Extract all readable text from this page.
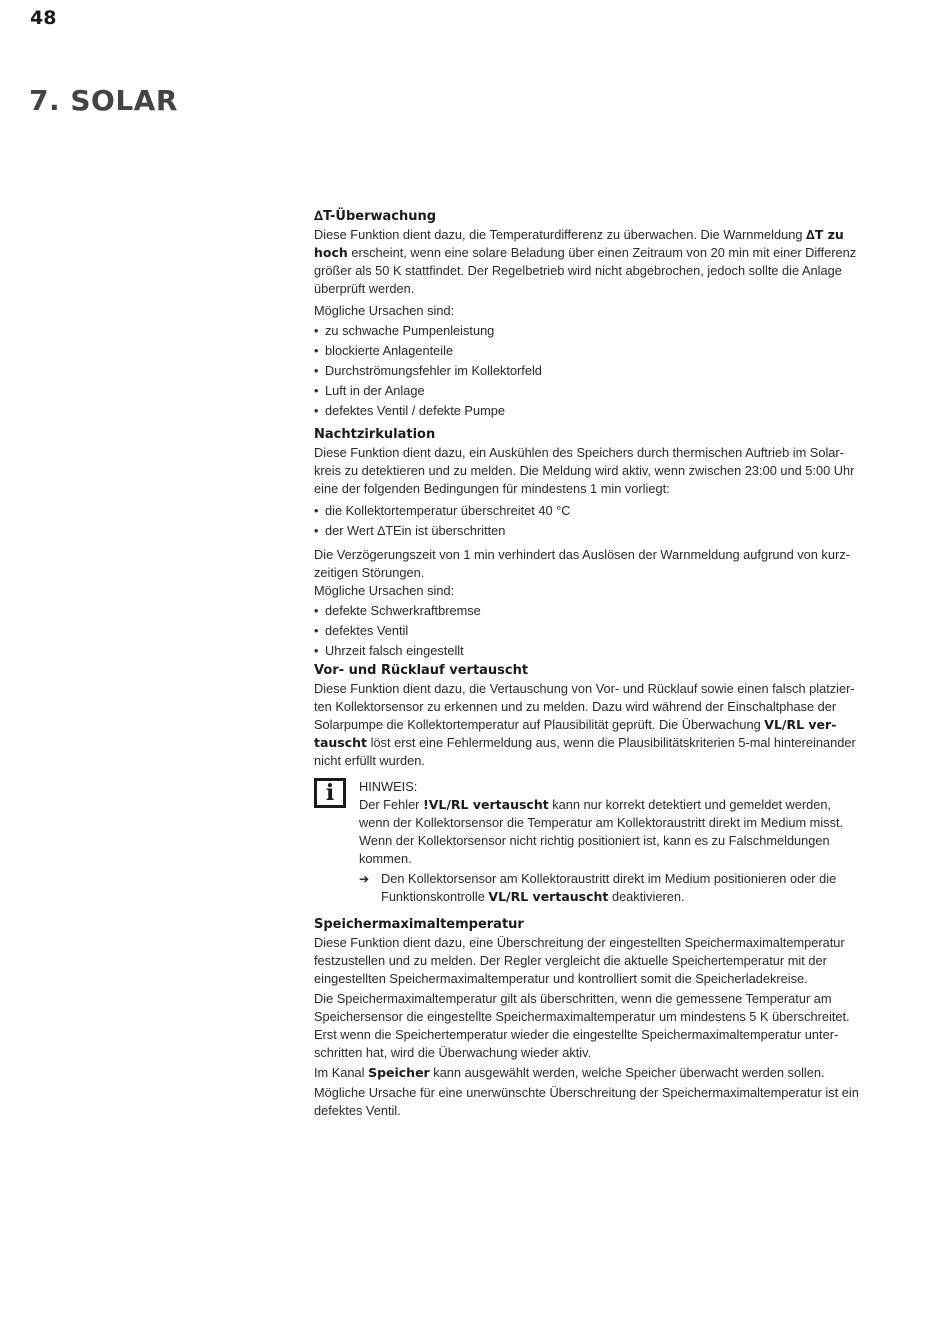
48
7. SOLAR
∆T-Überwachung

Diese Funktion dient dazu, die Temperaturdifferenz zu überwachen. Die Warnmeldung ∆T zu hoch erscheint, wenn eine solare Beladung über einen Zeitraum von 20 min mit einer Differenz größer als 50 K stattfindet. Der Regelbetrieb wird nicht abgebrochen, jedoch sollte die Anlage überprüft werden.

Mögliche Ursachen sind:

• zu schwache Pumpenleistung
• blockierte Anlagenteile
• Durchströmungsfehler im Kollektorfeld
• Luft in der Anlage
• defektes Ventil / defekte Pumpe
Nachtzirkulation

Diese Funktion dient dazu, ein Auskühlen des Speichers durch thermischen Auftrieb im Solarkreis zu detektieren und zu melden. Die Meldung wird aktiv, wenn zwischen 23:00 und 5:00 Uhr eine der folgenden Bedingungen für mindestens 1 min vorliegt:

• die Kollektortemperatur überschreitet 40 °C
• der Wert ∆TEin ist überschritten

Die Verzögerungszeit von 1 min verhindert das Auslösen der Warnmeldung aufgrund von kurzzeitigen Störungen.

Mögliche Ursachen sind:

• defekte Schwerkraftbremse
• defektes Ventil
• Uhrzeit falsch eingestellt
Vor- und Rücklauf vertauscht

Diese Funktion dient dazu, die Vertauschung von Vor- und Rücklauf sowie einen falsch platzierten Kollektorsensor zu erkennen und zu melden. Dazu wird während der Einschaltphase der Solarpumpe die Kollektortemperatur auf Plausibilität geprüft. Die Überwachung VL/RL vertauscht löst erst eine Fehlermeldung aus, wenn die Plausibilitätskriterien 5-mal hintereinander nicht erfüllt wurden.

i HINWEIS:
Der Fehler !VL/RL vertauscht kann nur korrekt detektiert und gemeldet werden, wenn der Kollektorsensor die Temperatur am Kollektoraustritt direkt im Medium misst. Wenn der Kollektorsensor nicht richtig positioniert ist, kann es zu Falschmeldungen kommen.
➔ Den Kollektorsensor am Kollektoraustritt direkt im Medium positionieren oder die Funktionskontrolle VL/RL vertauscht deaktivieren.
Speichermaximaltemperatur

Diese Funktion dient dazu, eine Überschreitung der eingestellten Speichermaximaltemperatur festzustellen und zu melden. Der Regler vergleicht die aktuelle Speichertemperatur mit der eingestellten Speichermaximaltemperatur und kontrolliert somit die Speicherladekreise.

Die Speichermaximaltemperatur gilt als überschritten, wenn die gemessene Temperatur am Speichersensor die eingestellte Speichermaximaltemperatur um mindestens 5 K überschreitet. Erst wenn die Speichertemperatur wieder die eingestellte Speichermaximaltemperatur unterschritten hat, wird die Überwachung wieder aktiv.

Im Kanal Speicher kann ausgewählt werden, welche Speicher überwacht werden sollen.

Mögliche Ursache für eine unerwünschte Überschreitung der Speichermaximaltemperatur ist ein defektes Ventil.
